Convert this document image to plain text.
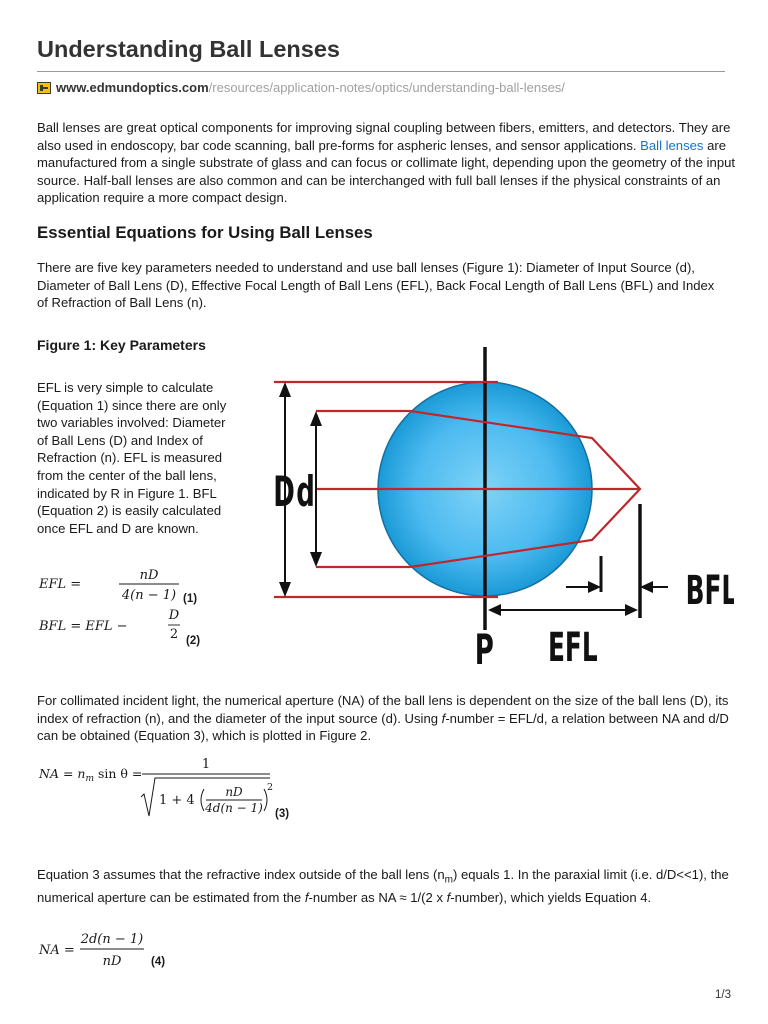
Understanding Ball Lenses
www.edmundoptics.com/resources/application-notes/optics/understanding-ball-lenses/

Ball lenses are great optical components for improving signal coupling between fibers, emitters, and detectors. They are also used in endoscopy, bar code scanning, ball pre-forms for aspheric lenses, and sensor applications. Ball lenses are manufactured from a single substrate of glass and can focus or collimate light, depending upon the geometry of the input source. Half-ball lenses are also common and can be interchanged with full ball lenses if the physical constraints of an application require a more compact design.

Essential Equations for Using Ball Lenses

There are five key parameters needed to understand and use ball lenses (Figure 1): Diameter of Input Source (d), Diameter of Ball Lens (D), Effective Focal Length of Ball Lens (EFL), Back Focal Length of Ball Lens (BFL) and Index of Refraction of Ball Lens (n).

Figure 1: Key Parameters

EFL is very simple to calculate (Equation 1) since there are only two variables involved: Diameter of Ball Lens (D) and Index of Refraction (n). EFL is measured from the center of the ball lens, indicated by R in Figure 1. BFL (Equation 2) is easily calculated once EFL and D are known.

EFL =
nD
4(n − 1) (1)
BFL = EFL −
D
2 (2)
D d
BFL
P EFL

For collimated incident light, the numerical aperture (NA) of the ball lens is dependent on the size of the ball lens (D), its index of refraction (n), and the diameter of the input source (d). Using f-number = EFL/d, a relation between NA and d/D can be obtained (Equation 3), which is plotted in Figure 2.

NA = $n_m$ sin θ =
1
1 + 4
nD
4d(n − 1)
2
(3)

Equation 3 assumes that the refractive index outside of the ball lens $(n_m)$ equals 1. In the paraxial limit (i.e. d/D<<1), the numerical aperture can be estimated from the f-number as NA ≈ 1/(2 x f-number), which yields Equation 4.

NA =
2d(n − 1)
nD	(4)
1/3
